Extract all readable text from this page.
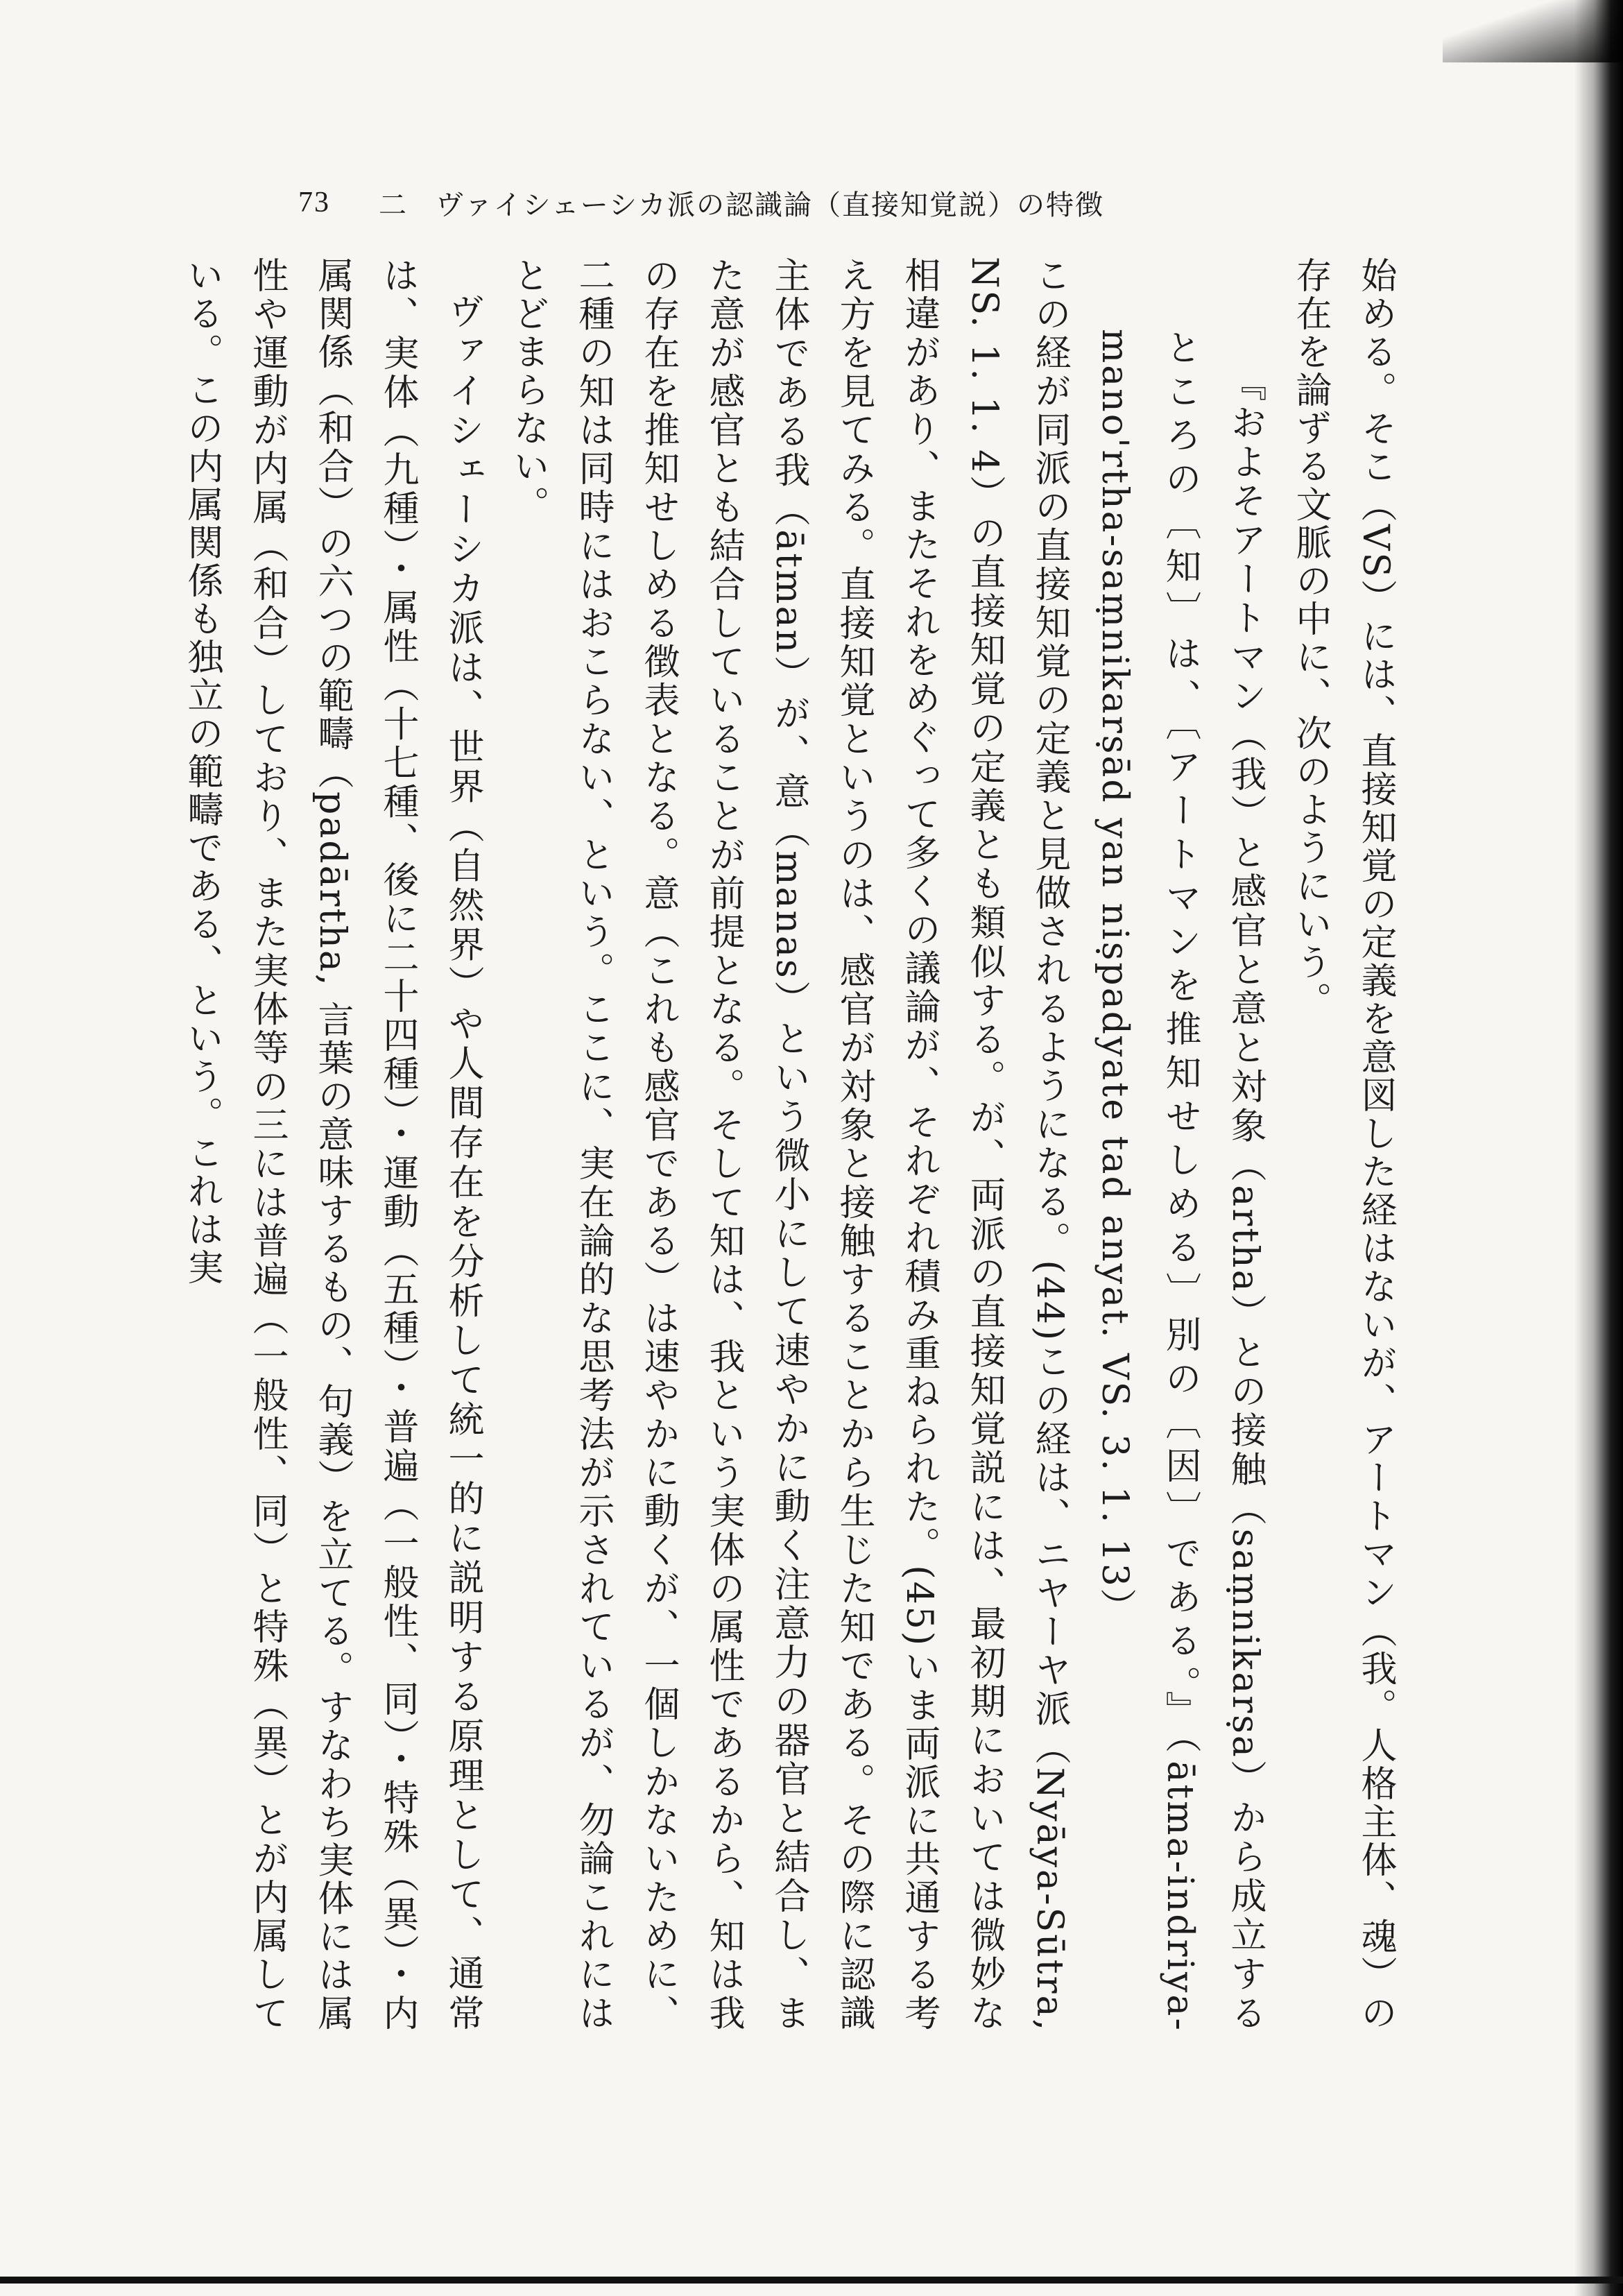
73 二 ヴァイシェーシカ派の認識論（直接知覚説）の特徴

始める。そこ（VS）には、直接知覚の定義を意図した経はないが、アートマン（我。人格主体、魂）の存在を論ずる文脈の中に、次のようにいう。

『およそアートマン（我）と感官と意と対象（artha）との接触（saṃnikarṣa）から成立するところの〔知〕は、〔アートマンを推知せしめる〕別の〔因〕である。』（ātma-indriya-mano'rtha-saṃnikarṣād yan niṣpadyate tad anyat. VS. 3. 1. 13）

この経が同派の直接知覚の定義と見做されるようになる。(44)この経は、ニヤーヤ派（Nyāya-Sūtra, NS. 1. 1. 4）の直接知覚の定義とも類似する。が、両派の直接知覚説には、最初期においては微妙な相違があり、またそれをめぐって多くの議論が、それぞれ積み重ねられた。(45)いま両派に共通する考え方を見てみる。直接知覚というのは、感官が対象と接触することから生じた知である。その際に認識主体である我（ātman）が、意（manas）という微小にして速やかに動く注意力の器官と結合し、また意が感官とも結合していることが前提となる。そして知は、我という実体の属性であるから、知は我の存在を推知せしめる徴表となる。意（これも感官である）は速やかに動くが、一個しかないために、二種の知は同時にはおこらない、という。ここに、実在論的な思考法が示されているが、勿論これにはとどまらない。

ヴァイシェーシカ派は、世界（自然界）や人間存在を分析して統一的に説明する原理として、通常は、実体（九種）・属性（十七種、後に二十四種）・運動（五種）・普遍（一般性、同）・特殊（異）・内属関係（和合）の六つの範疇（padārtha, 言葉の意味するもの、句義）を立てる。すなわち実体には属性や運動が内属（和合）しており、また実体等の三には普遍（一般性、同）と特殊（異）とが内属している。この内属関係も独立の範疇である、という。これは実
